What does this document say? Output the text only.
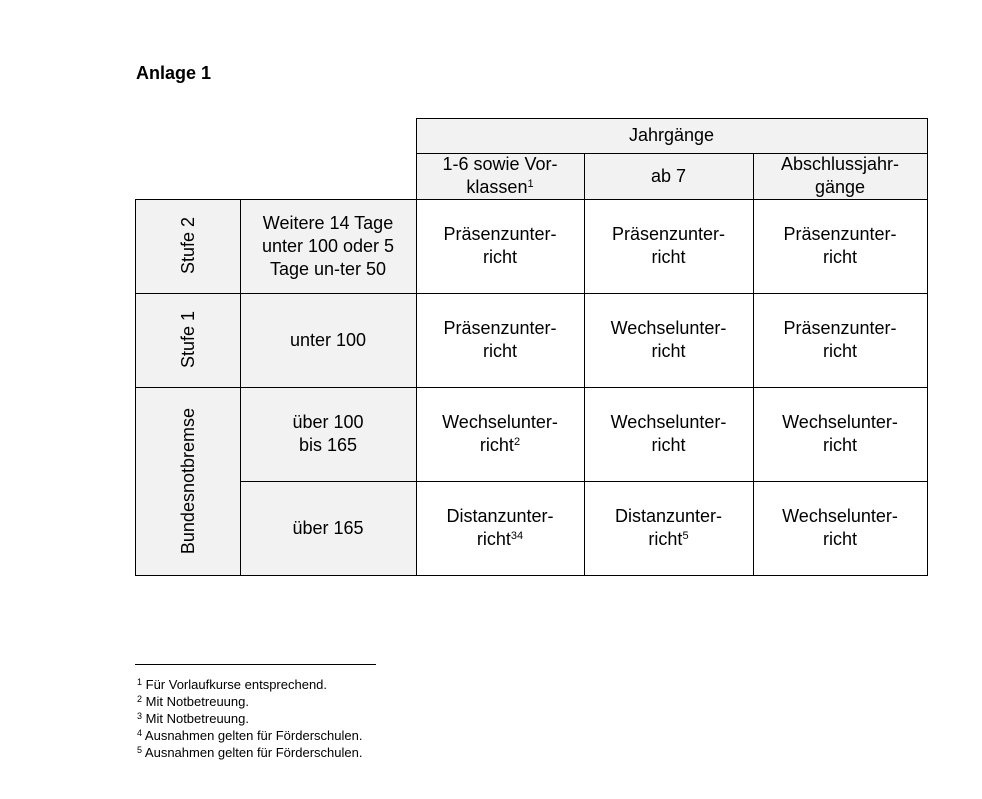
Anlage 1
Jahrgänge
1-6 sowie Vor-klassen$^1$	ab 7
Abschlussjahr-gänge
Stufe 2
Stufe 1
Bundesnotbremse
Weitere 14 Tage unter 100 oder 5 Tage un-ter 50
unter 100
über 100 bis 165
über 165
Präsenzunter-richt
Präsenzunter-richt
Präsenzunter-richt
Präsenzunter-richt
Wechselunter-richt
Präsenzunter-richt
Wechselunter-richt$^2$
Wechselunter-richt
Wechselunter-richt
Distanzunter-richt$^{34}$
Distanzunter-richt$^5$
Wechselunter-richt
$^1$ Für Vorlaufkurse entsprechend.
$^2$ Mit Notbetreuung.
$^3$ Mit Notbetreuung.
$^4$ Ausnahmen gelten für Förderschulen.
$^5$ Ausnahmen gelten für Förderschulen.
